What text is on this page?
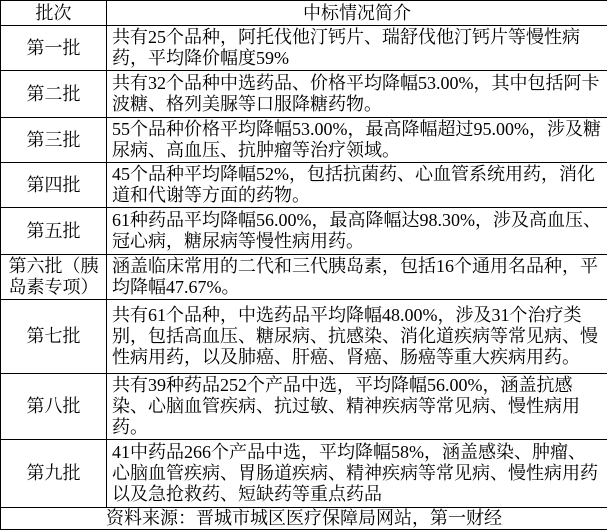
批次	中标情况简介
第一批	共有25个品种，阿托伐他汀钙片、瑞舒伐他汀钙片等慢性病药，平均降价幅度59%
第二批	共有32个品种中选药品、价格平均降幅53.00%，其中包括阿卡波糖、格列美脲等口服降糖药物。
第三批	55个品种价格平均降幅53.00%，最高降幅超过95.00%，涉及糖尿病、高血压、抗肿瘤等治疗领域。
第四批	45个品种平均降幅52%，包括抗菌药、心血管系统用药，消化道和代谢等方面的药物。
第五批	61种药品平均降幅56.00%，最高降幅达98.30%，涉及高血压、冠心病，糖尿病等慢性病用药。
第六批（胰岛素专项）	涵盖临床常用的二代和三代胰岛素，包括16个通用名品种，平均降幅47.67%。
第七批	共有61个品种，中选药品平均降幅48.00%，涉及31个治疗类别，包括高血压、糖尿病、抗感染、消化道疾病等常见病、慢性病用药，以及肺癌、肝癌、肾癌、肠癌等重大疾病用药。
第八批	共有39种药品252个产品中选，平均降幅56.00%，涵盖抗感染、心脑血管疾病、抗过敏、精神疾病等常见病、慢性病用药。
第九批	41中药品266个产品中选，平均降幅58%，涵盖感染、肿瘤、心脑血管疾病、胃肠道疾病、精神疾病等常见病、慢性病用药以及急抢救药、短缺药等重点药品
资料来源：晋城市城区医疗保障局网站，第一财经	
